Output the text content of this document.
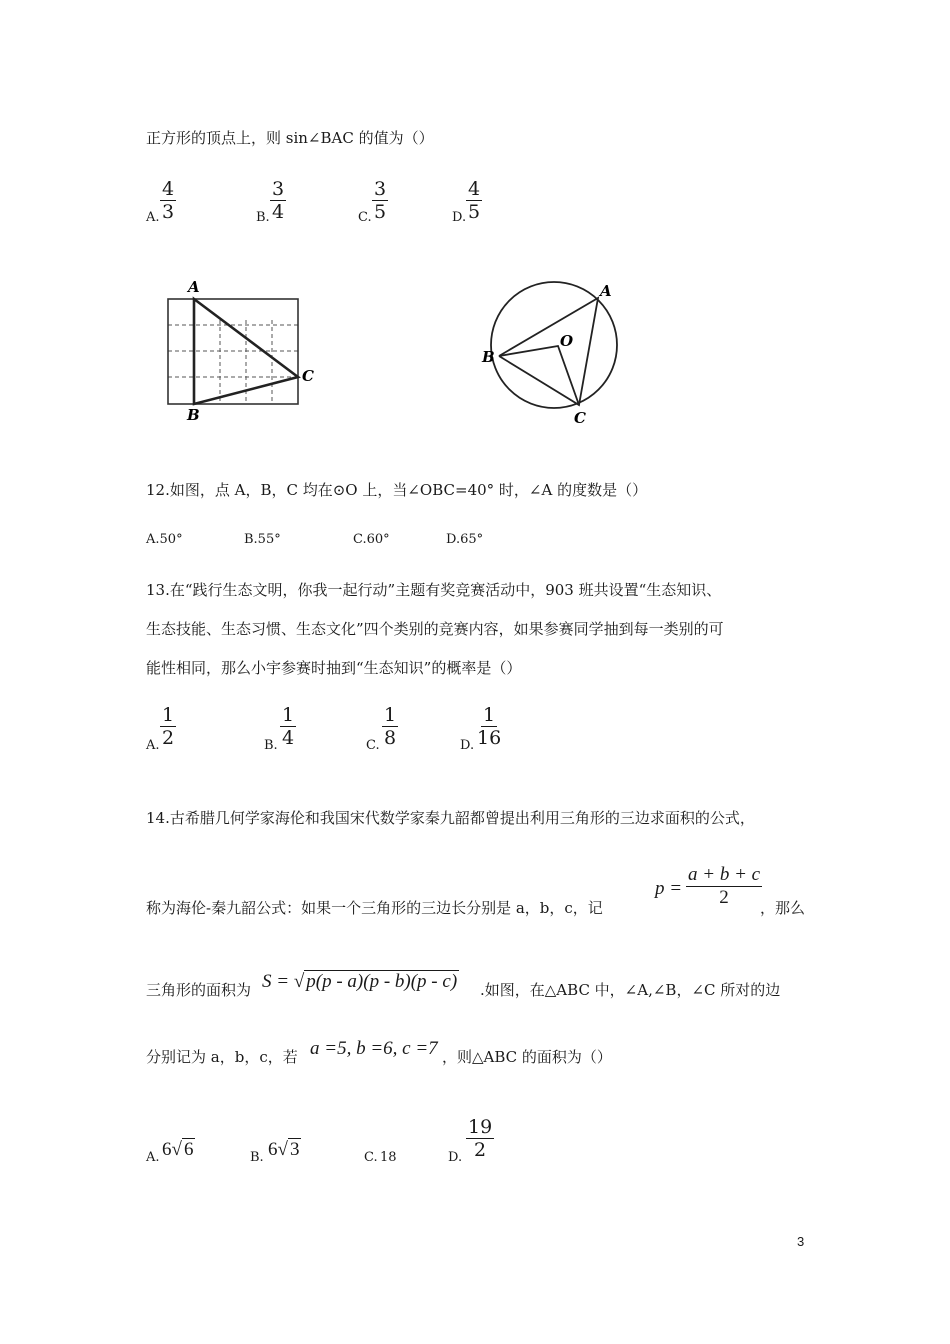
正方形的顶点上，则 sin∠BAC 的值为（）
A. $\frac{4}{3}$	B. $\frac{3}{4}$	C. $\frac{3}{5}$	D. $\frac{4}{5}$
A
B
C
A
B
C
O
12.如图，点 A，B，C 均在⊙O 上，当∠OBC=40° 时，∠A 的度数是（）
A.50°	B.55°	C.60°	D.65°
13.在“践行生态文明，你我一起行动”主题有奖竞赛活动中，903 班共设置“生态知识、
生态技能、生态习惯、生态文化”四个类别的竞赛内容，如果参赛同学抽到每一类别的可
能性相同，那么小宇参赛时抽到“生态知识”的概率是（）
A. $\frac{1}{2}$	B. $\frac{1}{4}$	C. $\frac{1}{8}$	D. $\frac{1}{16}$
14.古希腊几何学家海伦和我国宋代数学家秦九韶都曾提出利用三角形的三边求面积的公式，
称为海伦-秦九韶公式：如果一个三角形的三边长分别是 a，b，c，记
$p = \frac{a + b + c}{2}$
，那么
三角形的面积为 S = √ p(p - a)(p - b)(p - c) .如图，在△ABC 中，∠A,∠B，∠C 所对的边
分别记为 a，b，c，若 a =5, b =6, c =7 ，则△ABC 的面积为（）
A. 6√ 6	B. 6√ 3	C. 18	D. $\frac{19}{2}$
3
